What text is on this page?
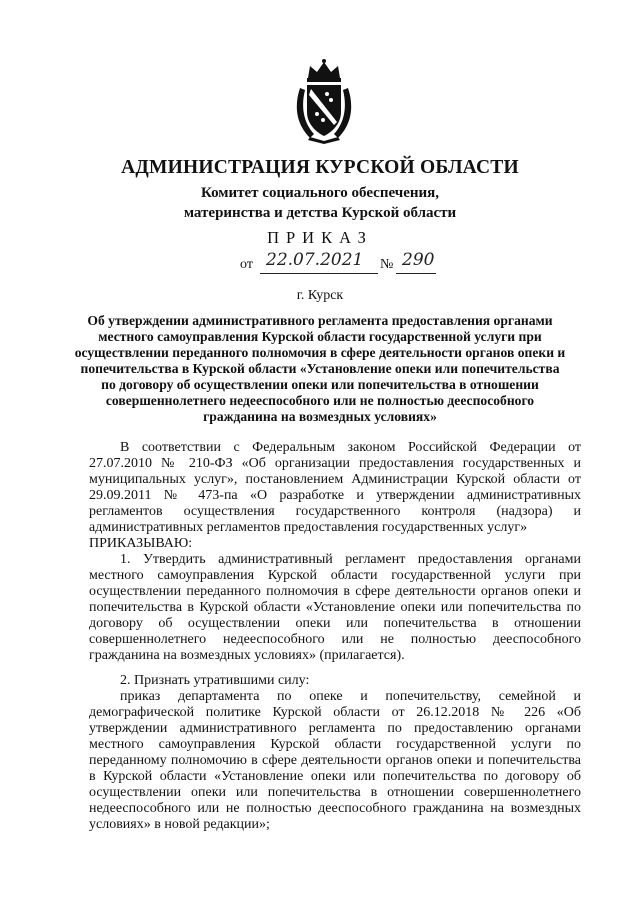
АДМИНИСТРАЦИЯ КУРСКОЙ ОБЛАСТИ
Комитет социального обеспечения,
материнства и детства Курской области
ПРИКАЗ
от 22.07.2021 № 290
г. Курск
Об утверждении административного регламента предоставления органами местного самоуправления Курской области государственной услуги при осуществлении переданного полномочия в сфере деятельности органов опеки и попечительства в Курской области «Установление опеки или попечительства по договору об осуществлении опеки или попечительства в отношении совершеннолетнего недееспособного или не полностью дееспособного гражданина на возмездных условиях»

В соответствии с Федеральным законом Российской Федерации от 27.07.2010 № 210-ФЗ «Об организации предоставления государственных и муниципальных услуг», постановлением Администрации Курской области от 29.09.2011 № 473-па «О разработке и утверждении административных регламентов осуществления государственного контроля (надзора) и административных регламентов предоставления государственных услуг»

ПРИКАЗЫВАЮ:

1. Утвердить административный регламент предоставления органами местного самоуправления Курской области государственной услуги при осуществлении переданного полномочия в сфере деятельности органов опеки и попечительства в Курской области «Установление опеки или попечительства по договору об осуществлении опеки или попечительства в отношении совершеннолетнего недееспособного или не полностью дееспособного гражданина на возмездных условиях» (прилагается).

2. Признать утратившими силу:

приказ департамента по опеке и попечительству, семейной и демографической политике Курской области от 26.12.2018 № 226 «Об утверждении административного регламента по предоставлению органами местного самоуправления Курской области государственной услуги по переданному полномочию в сфере деятельности органов опеки и попечительства в Курской области «Установление опеки или попечительства по договору об осуществлении опеки или попечительства в отношении совершеннолетнего недееспособного или не полностью дееспособного гражданина на возмездных условиях» в новой редакции»;
